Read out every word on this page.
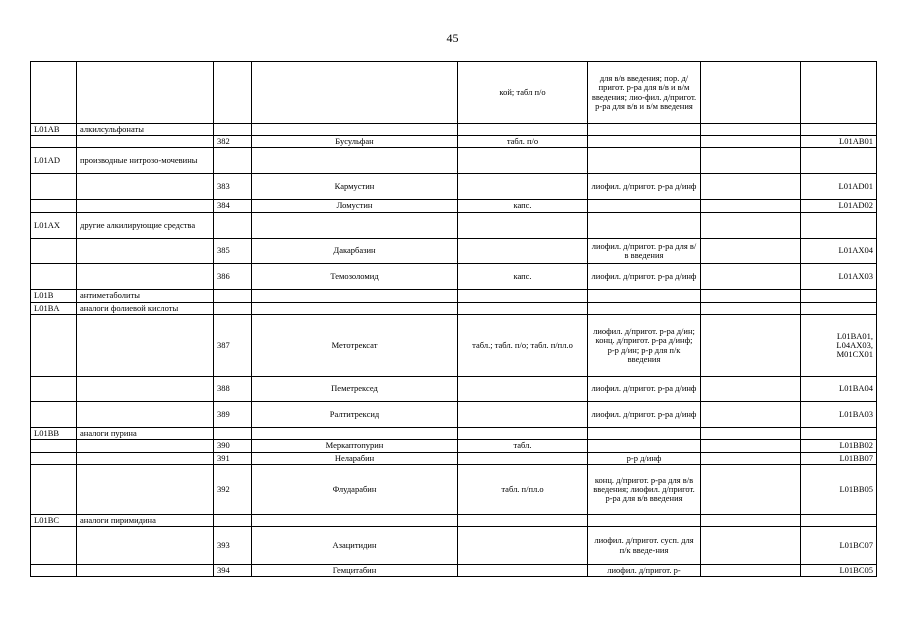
45
				кой; табл п/о	для в/в введения; пор. д/пригот. р-ра для в/в и в/м введения; лио-фил. д/пригот. р-ра для в/в и в/м введения		
L01AB	алкилсульфонаты						
		382	Бусульфан	табл. п/о			L01AB01
L01AD	производные нитрозо-мочевины						
		383	Кармустин		лиофил. д/пригот. р-ра д/инф		L01AD01
		384	Ломустин	капс.			L01AD02
L01AX	другие алкилирующие средства						
		385	Дакарбазин		лиофил. д/пригот. р-ра для в/в введения		L01AX04
		386	Темозоломид	капс.	лиофил. д/пригот. р-ра д/инф		L01AX03
L01B	антиметаболиты						
L01BA	аналоги фолиевой кислоты						
		387	Метотрексат	табл.; табл. п/о; табл. п/пл.о	лиофил. д/пригот. р-ра д/ин; конц. д/пригот. р-ра д/инф; р-р д/ин; р-р для п/к введения		L01BA01, L04AX03, M01CX01
		388	Пеметрексед		лиофил. д/пригот. р-ра д/инф		L01BA04
		389	Ралтитрексид		лиофил. д/пригот. р-ра д/инф		L01BA03
L01BB	аналоги пурина						
		390	Меркаптопурин	табл.			L01BB02
		391	Неларабин		р-р д/инф		L01BB07
		392	Флударабин	табл. п/пл.о	конц. д/пригот. р-ра для в/в введения; лиофил. д/пригот. р-ра для в/в введения		L01BB05
L01BC	аналоги пиримидина						
		393	Азацитидин		лиофил. д/пригот. сусп. для п/к введе-ния		L01BC07
		394	Гемцитабин		лиофил. д/пригот. р-		L01BC05
